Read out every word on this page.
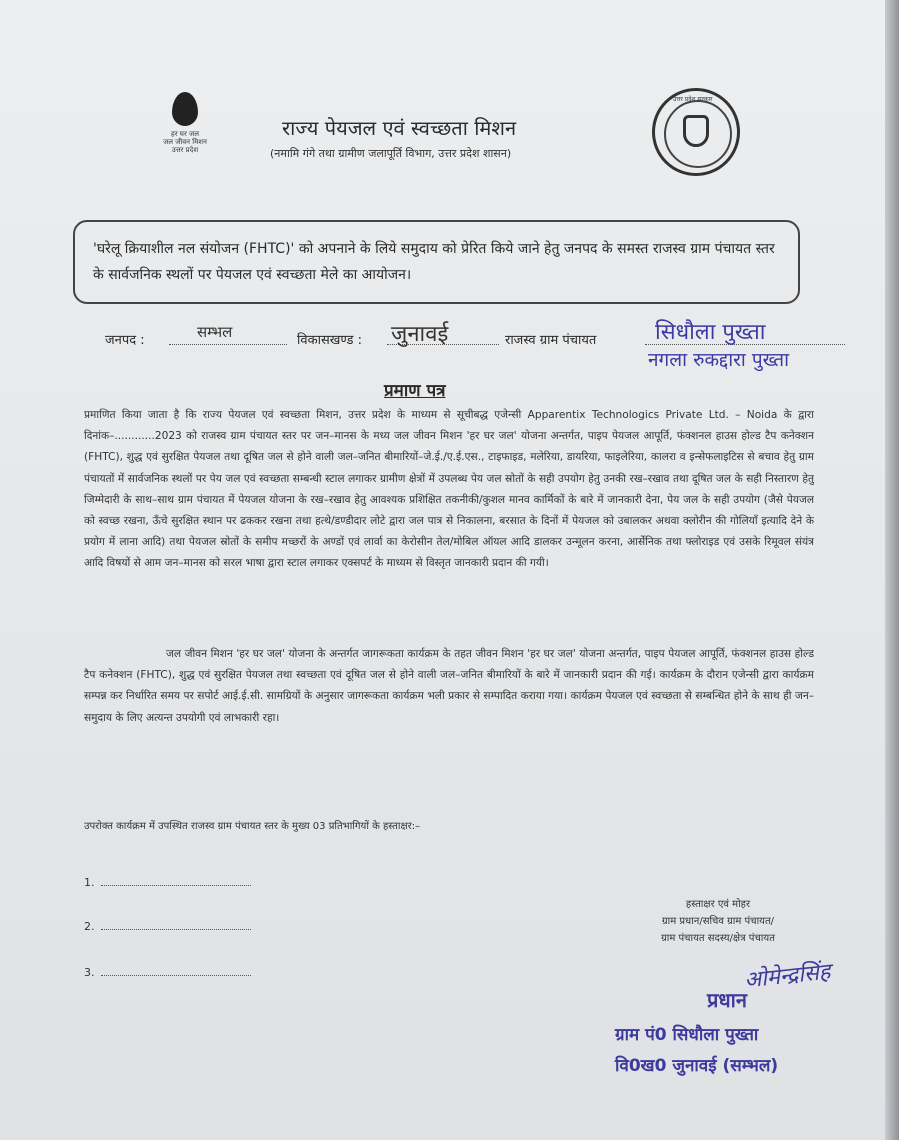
हर घर जल
जल जीवन मिशन
उत्तर प्रदेश
राज्य पेयजल एवं स्वच्छता मिशन
(नमामि गंगे तथा ग्रामीण जलापूर्ति विभाग, उत्तर प्रदेश शासन)
उत्तर प्रदेश सरकार
'घरेलू क्रियाशील नल संयोजन (FHTC)' को अपनाने के लिये समुदाय को प्रेरित किये जाने हेतु जनपद के समस्त राजस्व ग्राम पंचायत स्तर के सार्वजनिक स्थलों पर पेयजल एवं स्वच्छता मेले का आयोजन।
जनपद :	सम्भल	विकासखण्ड : जुनावई	राजस्व ग्राम पंचायत	सिधौला पुख्ता
नगला रुकद्दारा पुख्ता
प्रमाण पत्र
प्रमाणित किया जाता है कि राज्य पेयजल एवं स्वच्छता मिशन, उत्तर प्रदेश के माध्यम से सूचीबद्ध एजेन्सी Apparentix Technologics Private Ltd. – Noida के द्वारा दिनांक–............2023 को राजस्व ग्राम पंचायत स्तर पर जन–मानस के मध्य जल जीवन मिशन 'हर घर जल' योजना अन्तर्गत, पाइप पेयजल आपूर्ति, फंक्शनल हाउस होल्ड टैप कनेक्शन (FHTC), शुद्ध एवं सुरक्षित पेयजल तथा दूषित जल से होने वाली जल–जनित बीमारियों–जे.ई./ए.ई.एस., टाइफाइड, मलेरिया, डायरिया, फाइलेरिया, कालरा व इन्सेफलाइटिस से बचाव हेतु ग्राम पंचायतों में सार्वजनिक स्थलों पर पेय जल एवं स्वच्छता सम्बन्धी स्टाल लगाकर ग्रामीण क्षेत्रों में उपलब्ध पेय जल स्रोतों के सही उपयोग हेतु उनकी रख–रखाव तथा दूषित जल के सही निस्तारण हेतु जिम्मेदारी के साथ–साथ ग्राम पंचायत में पेयजल योजना के रख–रखाव हेतु आवश्यक प्रशिक्षित तकनीकी/कुशल मानव कार्मिकों के बारे में जानकारी देना, पेय जल के सही उपयोग (जैसे पेयजल को स्वच्छ रखना, ऊँचे सुरक्षित स्थान पर ढककर रखना तथा हत्थे/डण्डीदार लोटे द्वारा जल पात्र से निकालना, बरसात के दिनों में पेयजल को उबालकर अथवा क्लोरीन की गोलियाँ इत्यादि देने के प्रयोग में लाना आदि) तथा पेयजल स्रोतों के समीप मच्छरों के अण्डों एवं लार्वा का केरोसीन तेल/मोबिल ऑयल आदि डालकर उन्मूलन करना, आर्सेनिक तथा फ्लोराइड एवं उसके रिमूवल संयंत्र आदि विषयों से आम जन–मानस को सरल भाषा द्वारा स्टाल लगाकर एक्सपर्ट के माध्यम से विस्तृत जानकारी प्रदान की गयी।
जल जीवन मिशन 'हर घर जल' योजना के अन्तर्गत जागरूकता कार्यक्रम के तहत जीवन मिशन 'हर घर जल' योजना अन्तर्गत, पाइप पेयजल आपूर्ति, फंक्शनल हाउस होल्ड टैप कनेक्शन (FHTC), शुद्ध एवं सुरक्षित पेयजल तथा स्वच्छता एवं दूषित जल से होने वाली जल–जनित बीमारियों के बारे में जानकारी प्रदान की गई। कार्यक्रम के दौरान एजेन्सी द्वारा कार्यक्रम सम्पन्न कर निर्धारित समय पर सपोर्ट आई.ई.सी. सामग्रियों के अनुसार जागरूकता कार्यक्रम भली प्रकार से सम्पादित कराया गया। कार्यक्रम पेयजल एवं स्वच्छता से सम्बन्धित होने के साथ ही जन–समुदाय के लिए अत्यन्त उपयोगी एवं लाभकारी रहा।
उपरोक्त कार्यक्रम में उपस्थित राजस्व ग्राम पंचायत स्तर के मुख्य 03 प्रतिभागियों के हस्ताक्षर:–
1.
2.
3.
हस्ताक्षर एवं मोहर
ग्राम प्रधान/सचिव ग्राम पंचायत/
ग्राम पंचायत सदस्य/क्षेत्र पंचायत
ओमेन्द्रसिंह
प्रधान
ग्राम पं0 सिधौला पुख्ता
वि0ख0 जुनावई (सम्भल)
